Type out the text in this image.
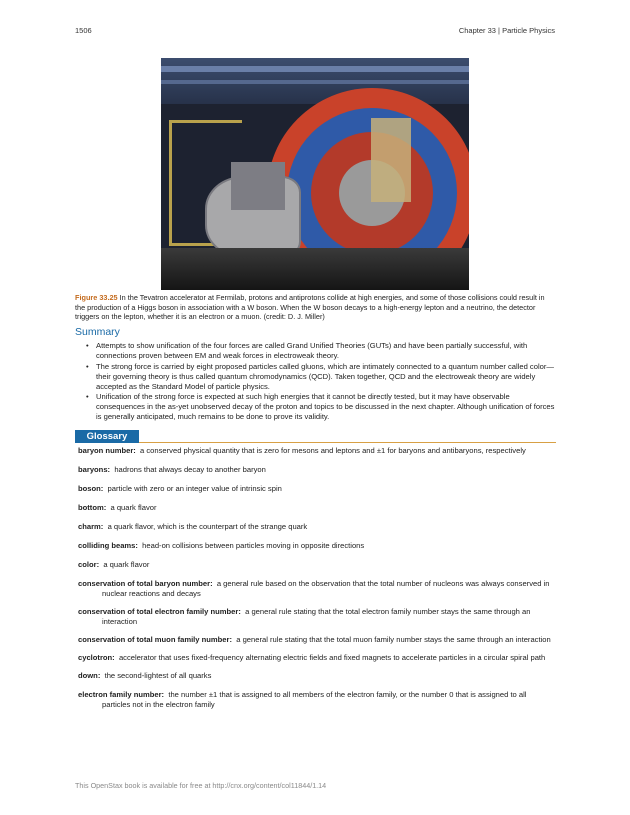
1506	Chapter 33 | Particle Physics
Figure 33.25 In the Tevatron accelerator at Fermilab, protons and antiprotons collide at high energies, and some of those collisions could result in the production of a Higgs boson in association with a W boson. When the W boson decays to a high-energy lepton and a neutrino, the detector triggers on the lepton, whether it is an electron or a muon. (credit: D. J. Miller)
Summary
• Attempts to show unification of the four forces are called Grand Unified Theories (GUTs) and have been partially successful, with connections proven between EM and weak forces in electroweak theory.
• The strong force is carried by eight proposed particles called gluons, which are intimately connected to a quantum number called color—their governing theory is thus called quantum chromodynamics (QCD). Taken together, QCD and the electroweak theory are widely accepted as the Standard Model of particle physics.
• Unification of the strong force is expected at such high energies that it cannot be directly tested, but it may have observable consequences in the as-yet unobserved decay of the proton and topics to be discussed in the next chapter. Although unification of forces is generally anticipated, much remains to be done to prove its validity.
Glossary

baryon number: a conserved physical quantity that is zero for mesons and leptons and ±1 for baryons and antibaryons, respectively

baryons: hadrons that always decay to another baryon

boson: particle with zero or an integer value of intrinsic spin

bottom: a quark flavor

charm: a quark flavor, which is the counterpart of the strange quark

colliding beams: head-on collisions between particles moving in opposite directions

color: a quark flavor

conservation of total baryon number: a general rule based on the observation that the total number of nucleons was always conserved in nuclear reactions and decays

conservation of total electron family number: a general rule stating that the total electron family number stays the same through an interaction

conservation of total muon family number: a general rule stating that the total muon family number stays the same through an interaction

cyclotron: accelerator that uses fixed-frequency alternating electric fields and fixed magnets to accelerate particles in a circular spiral path

down: the second-lightest of all quarks

electron family number: the number ±1 that is assigned to all members of the electron family, or the number 0 that is assigned to all particles not in the electron family

This OpenStax book is available for free at http://cnx.org/content/col11844/1.14
